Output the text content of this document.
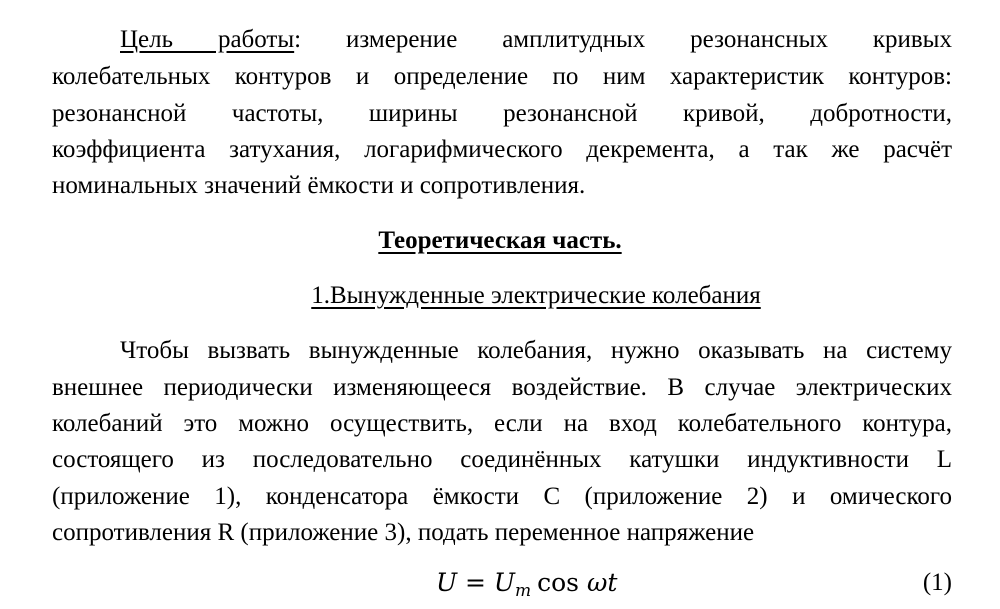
Цель работы: измерение амплитудных резонансных кривых
колебательных контуров и определение по ним характеристик контуров:
резонансной частоты, ширины резонансной кривой, добротности,
коэффициента затухания, логарифмического декремента, а так же расчёт
номинальных значений ёмкости и сопротивления.
Теоретическая часть.
1.Вынужденные электрические колебания
Чтобы вызвать вынужденные колебания, нужно оказывать на систему
внешнее периодически изменяющееся воздействие. В случае электрических
колебаний это можно осуществить, если на вход колебательного контура,
состоящего из последовательно соединённых катушки индуктивности L
(приложение 1), конденсатора ёмкости C (приложение 2) и омического
сопротивления R (приложение 3), подать переменное напряжение
$U = U_m$ cos ωt	(1)
